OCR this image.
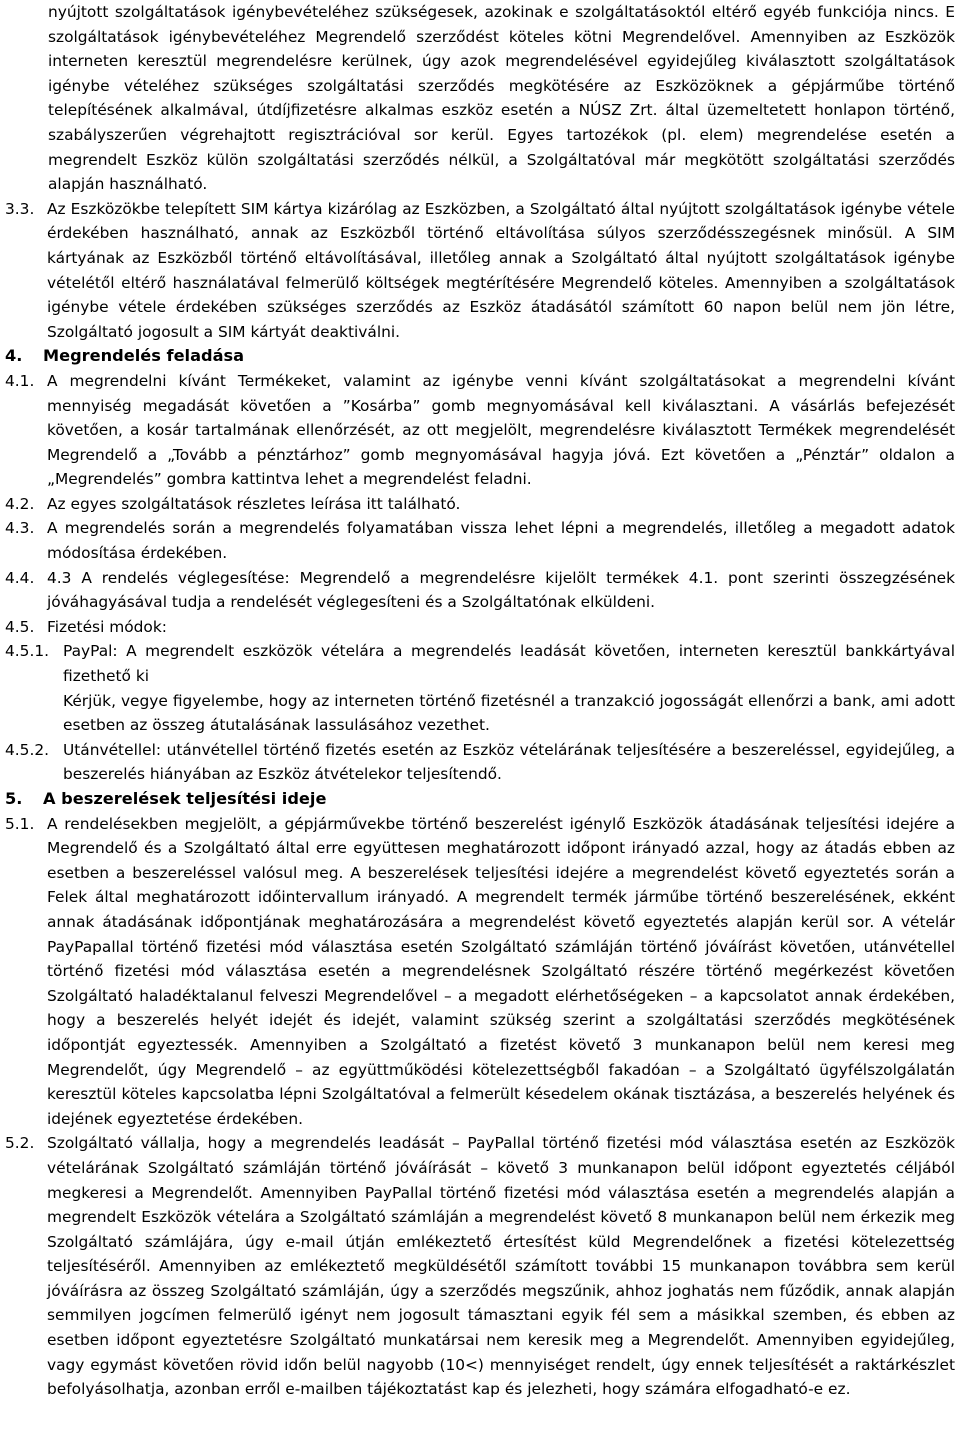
nyújtott szolgáltatások igénybevételéhez szükségesek, azokinak e szolgáltatásoktól eltérő egyéb funkciója nincs. E szolgáltatások igénybevételéhez Megrendelő szerződést köteles kötni Megrendelővel. Amennyiben az Eszközök interneten keresztül megrendelésre kerülnek, úgy azok megrendelésével egyidejűleg kiválasztott szolgáltatások igénybe vételéhez szükséges szolgáltatási szerződés megkötésére az Eszközöknek a gépjárműbe történő telepítésének alkalmával, útdíjfizetésre alkalmas eszköz esetén a NÚSZ Zrt. által üzemeltetett honlapon történő, szabályszerűen végrehajtott regisztrációval sor kerül. Egyes tartozékok (pl. elem) megrendelése esetén a megrendelt Eszköz külön szolgáltatási szerződés nélkül, a Szolgáltatóval már megkötött szolgáltatási szerződés alapján használható.
3.3. Az Eszközökbe telepített SIM kártya kizárólag az Eszközben, a Szolgáltató által nyújtott szolgáltatások igénybe vétele érdekében használható, annak az Eszközből történő eltávolítása súlyos szerződésszegésnek minősül. A SIM kártyának az Eszközből történő eltávolításával, illetőleg annak a Szolgáltató által nyújtott szolgáltatások igénybe vételétől eltérő használatával felmerülő költségek megtérítésére Megrendelő köteles. Amennyiben a szolgáltatások igénybe vétele érdekében szükséges szerződés az Eszköz átadásától számított 60 napon belül nem jön létre, Szolgáltató jogosult a SIM kártyát deaktiválni.
4.	Megrendelés feladása
4.1. A megrendelni kívánt Termékeket, valamint az igénybe venni kívánt szolgáltatásokat a megrendelni kívánt mennyiség megadását követően a ”Kosárba” gomb megnyomásával kell kiválasztani. A vásárlás befejezését követően, a kosár tartalmának ellenőrzését, az ott megjelölt, megrendelésre kiválasztott Termékek megrendelését Megrendelő a „Tovább a pénztárhoz” gomb megnyomásával hagyja jóvá. Ezt követően a „Pénztár” oldalon a „Megrendelés” gombra kattintva lehet a megrendelést feladni.
4.2. Az egyes szolgáltatások részletes leírása itt található.
4.3. A megrendelés során a megrendelés folyamatában vissza lehet lépni a megrendelés, illetőleg a megadott adatok módosítása érdekében.
4.4. 4.3 A rendelés véglegesítése: Megrendelő a megrendelésre kijelölt termékek 4.1. pont szerinti összegzésének jóváhagyásával tudja a rendelését véglegesíteni és a Szolgáltatónak elküldeni.
4.5. Fizetési módok:
4.5.1. PayPal: A megrendelt eszközök vételára a megrendelés leadását követően, interneten keresztül bankkártyával fizethető ki
Kérjük, vegye figyelembe, hogy az interneten történő fizetésnél a tranzakció jogosságát ellenőrzi a bank, ami adott esetben az összeg átutalásának lassulásához vezethet.
4.5.2. Utánvétellel: utánvétellel történő fizetés esetén az Eszköz vételárának teljesítésére a beszereléssel, egyidejűleg, a beszerelés hiányában az Eszköz átvételekor teljesítendő.
5.	A beszerelések teljesítési ideje
5.1. A rendelésekben megjelölt, a gépjárművekbe történő beszerelést igénylő Eszközök átadásának teljesítési idejére a Megrendelő és a Szolgáltató által erre együttesen meghatározott időpont irányadó azzal, hogy az átadás ebben az esetben a beszereléssel valósul meg. A beszerelések teljesítési idejére a megrendelést követő egyeztetés során a Felek által meghatározott időintervallum irányadó. A megrendelt termék járműbe történő beszerelésének, ekként annak átadásának időpontjának meghatározására a megrendelést követő egyeztetés alapján kerül sor. A vételár PayPapallal történő fizetési mód választása esetén Szolgáltató számláján történő jóváírást követően, utánvétellel történő fizetési mód választása esetén a megrendelésnek Szolgáltató részére történő megérkezést követően Szolgáltató haladéktalanul felveszi Megrendelővel – a megadott elérhetőségeken – a kapcsolatot annak érdekében, hogy a beszerelés helyét idejét és idejét, valamint szükség szerint a szolgáltatási szerződés megkötésének időpontját egyeztessék. Amennyiben a Szolgáltató a fizetést követő 3 munkanapon belül nem keresi meg Megrendelőt, úgy Megrendelő – az együttműködési kötelezettségből fakadóan – a Szolgáltató ügyfélszolgálatán keresztül köteles kapcsolatba lépni Szolgáltatóval a felmerült késedelem okának tisztázása, a beszerelés helyének és idejének egyeztetése érdekében.
5.2. Szolgáltató vállalja, hogy a megrendelés leadását – PayPallal történő fizetési mód választása esetén az Eszközök vételárának Szolgáltató számláján történő jóváírását – követő 3 munkanapon belül időpont egyeztetés céljából megkeresi a Megrendelőt. Amennyiben PayPallal történő fizetési mód választása esetén a megrendelés alapján a megrendelt Eszközök vételára a Szolgáltató számláján a megrendelést követő 8 munkanapon belül nem érkezik meg Szolgáltató számlájára, úgy e-mail útján emlékeztető értesítést küld Megrendelőnek a fizetési kötelezettség teljesítéséről. Amennyiben az emlékeztető megküldésétől számított további 15 munkanapon továbbra sem kerül jóváírásra az összeg Szolgáltató számláján, úgy a szerződés megszűnik, ahhoz joghatás nem fűződik, annak alapján semmilyen jogcímen felmerülő igényt nem jogosult támasztani egyik fél sem a másikkal szemben, és ebben az esetben időpont egyeztetésre Szolgáltató munkatársai nem keresik meg a Megrendelőt. Amennyiben egyidejűleg, vagy egymást követően rövid időn belül nagyobb (10<) mennyiséget rendelt, úgy ennek teljesítését a raktárkészlet befolyásolhatja, azonban erről e-mailben tájékoztatást kap és jelezheti, hogy számára elfogadható-e ez.
